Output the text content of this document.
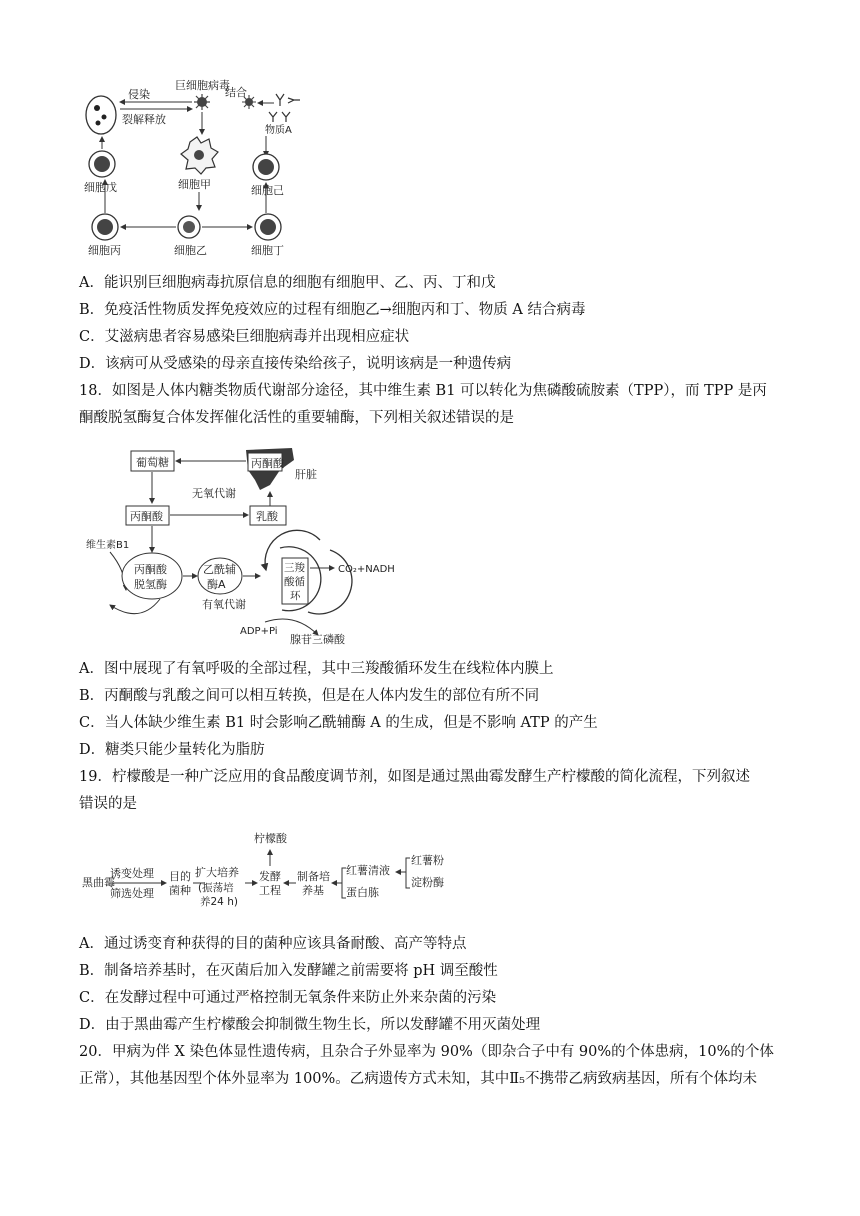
巨细胞病毒
侵染
裂解释放
结合
物质A
细胞甲
细胞戊	细胞己
细胞丙	细胞乙	细胞丁
A．能识别巨细胞病毒抗原信息的细胞有细胞甲、乙、丙、丁和戊
B．免疫活性物质发挥免疫效应的过程有细胞乙→细胞丙和丁、物质 A 结合病毒
C．艾滋病患者容易感染巨细胞病毒并出现相应症状
D．该病可从受感染的母亲直接传染给孩子，说明该病是一种遗传病
18．如图是人体内糖类物质代谢部分途径，其中维生素 B1 可以转化为焦磷酸硫胺素（TPP），而 TPP 是丙
酮酸脱氢酶复合体发挥催化活性的重要辅酶，下列相关叙述错误的是
葡萄糖	丙酮酸
肝脏
无氧代谢
丙酮酸	乳酸
维生素B1
丙酮酸
脱氢酶
乙酰辅
酶A
有氧代谢
三羧
酸循
环
CO₂+NADH
ADP+Pi
腺苷三磷酸
A．图中展现了有氧呼吸的全部过程，其中三羧酸循环发生在线粒体内膜上
B．丙酮酸与乳酸之间可以相互转换，但是在人体内发生的部位有所不同
C．当人体缺少维生素 B1 时会影响乙酰辅酶 A 的生成，但是不影响 ATP 的产生
D．糖类只能少量转化为脂肪
19．柠檬酸是一种广泛应用的食品酸度调节剂，如图是通过黑曲霉发酵生产柠檬酸的简化流程，下列叙述
错误的是
黑曲霉
诱变处理
筛选处理
目的
菌种
扩大培养
(振荡培
养24 h)
发酵
工程
柠檬酸
制备培
养基
红薯清液
蛋白胨
红薯粉
淀粉酶
A．通过诱变育种获得的目的菌种应该具备耐酸、高产等特点
B．制备培养基时，在灭菌后加入发酵罐之前需要将 pH 调至酸性
C．在发酵过程中可通过严格控制无氧条件来防止外来杂菌的污染
D．由于黑曲霉产生柠檬酸会抑制微生物生长，所以发酵罐不用灭菌处理
20．甲病为伴 X 染色体显性遗传病，且杂合子外显率为 90%（即杂合子中有 90%的个体患病，10%的个体
正常），其他基因型个体外显率为 100%。乙病遗传方式未知，其中Ⅱ₅不携带乙病致病基因，所有个体均未
